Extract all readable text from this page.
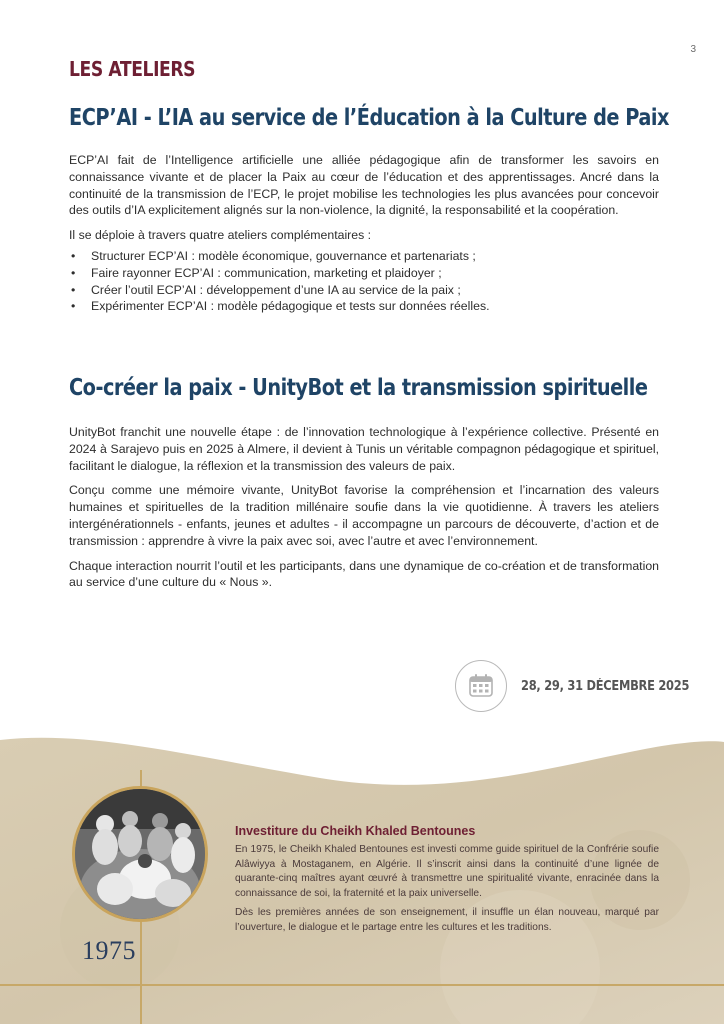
3
LES ATELIERS
ECP’AI - L’IA au service de l’Éducation à la Culture de Paix

ECP’AI fait de l’Intelligence artificielle une alliée pédagogique afin de transformer les savoirs en connaissance vivante et de placer la Paix au cœur de l’éducation et des apprentissages. Ancré dans la continuité de la transmission de l’ECP, le projet mobilise les technologies les plus avancées pour concevoir des outils d’IA explicitement alignés sur la non-violence, la dignité, la responsabilité et la coopération.

Il se déploie à travers quatre ateliers complémentaires :

• Structurer ECP’AI : modèle économique, gouvernance et partenariats ;
• Faire rayonner ECP’AI : communication, marketing et plaidoyer ;
• Créer l’outil ECP’AI : développement d’une IA au service de la paix ;
• Expérimenter ECP’AI : modèle pédagogique et tests sur données réelles.
Co-créer la paix - UnityBot et la transmission spirituelle

UnityBot franchit une nouvelle étape : de l’innovation technologique à l’expérience collective. Présenté en 2024 à Sarajevo puis en 2025 à Almere, il devient à Tunis un véritable compagnon pédagogique et spirituel, facilitant le dialogue, la réflexion et la transmission des valeurs de paix.

Conçu comme une mémoire vivante, UnityBot favorise la compréhension et l’incarnation des valeurs humaines et spirituelles de la tradition millénaire soufie dans la vie quotidienne. À travers les ateliers intergénérationnels - enfants, jeunes et adultes - il accompagne un parcours de découverte, d’action et de transmission : apprendre à vivre la paix avec soi, avec l’autre et avec l’environnement.

Chaque interaction nourrit l’outil et les participants, dans une dynamique de co-création et de transformation au service d’une culture du « Nous ».

28, 29, 31 DÉCEMBRE 2025
1975
Investiture du Cheikh Khaled Bentounes

En 1975, le Cheikh Khaled Bentounes est investi comme guide spirituel de la Confrérie soufie Alâwiyya à Mostaganem, en Algérie. Il s’inscrit ainsi dans la continuité d’une lignée de quarante-cinq maîtres ayant œuvré à transmettre une spiritualité vivante, enracinée dans la connaissance de soi, la fraternité et la paix universelle.

Dès les premières années de son enseignement, il insuffle un élan nouveau, marqué par l’ouverture, le dialogue et le partage entre les cultures et les traditions.
